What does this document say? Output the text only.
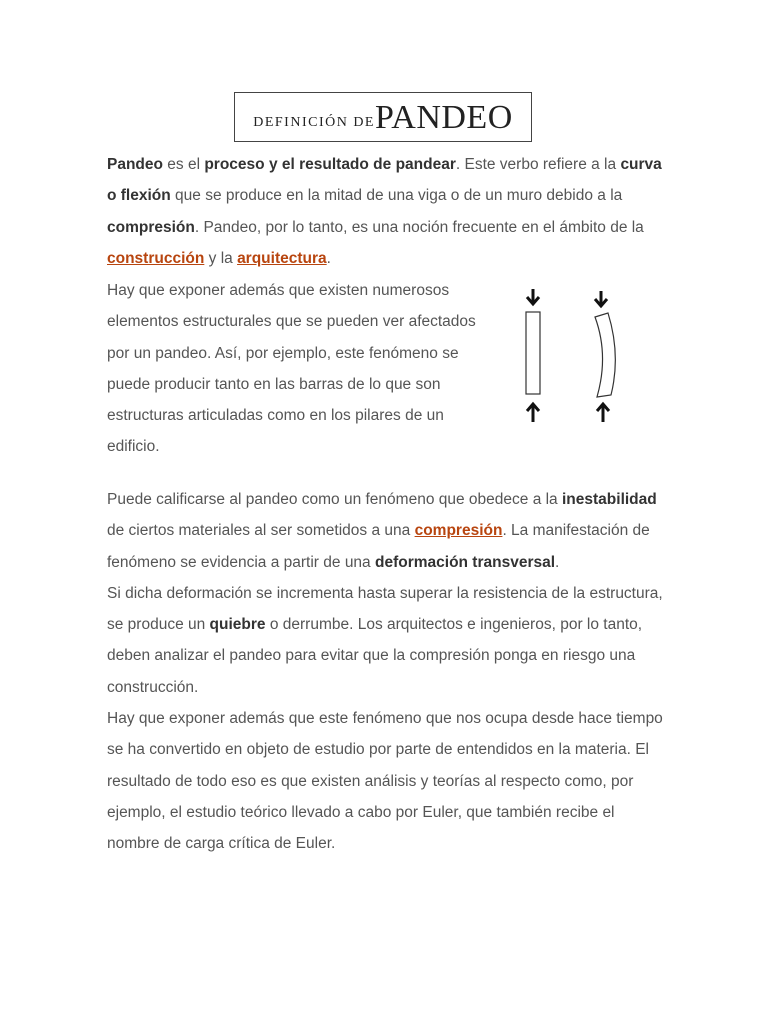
DEFINICIÓN DE PANDEO

Pandeo es el proceso y el resultado de pandear. Este verbo refiere a la curva o flexión que se produce en la mitad de una viga o de un muro debido a la compresión. Pandeo, por lo tanto, es una noción frecuente en el ámbito de la construcción y la arquitectura.

Hay que exponer además que existen numerosos elementos estructurales que se pueden ver afectados por un pandeo. Así, por ejemplo, este fenómeno se puede producir tanto en las barras de lo que son estructuras articuladas como en los pilares de un edificio.

Puede calificarse al pandeo como un fenómeno que obedece a la inestabilidad de ciertos materiales al ser sometidos a una compresión. La manifestación de fenómeno se evidencia a partir de una deformación transversal.
Si dicha deformación se incrementa hasta superar la resistencia de la estructura, se produce un quiebre o derrumbe. Los arquitectos e ingenieros, por lo tanto, deben analizar el pandeo para evitar que la compresión ponga en riesgo una construcción.
Hay que exponer además que este fenómeno que nos ocupa desde hace tiempo se ha convertido en objeto de estudio por parte de entendidos en la materia. El resultado de todo eso es que existen análisis y teorías al respecto como, por ejemplo, el estudio teórico llevado a cabo por Euler, que también recibe el nombre de carga crítica de Euler.
